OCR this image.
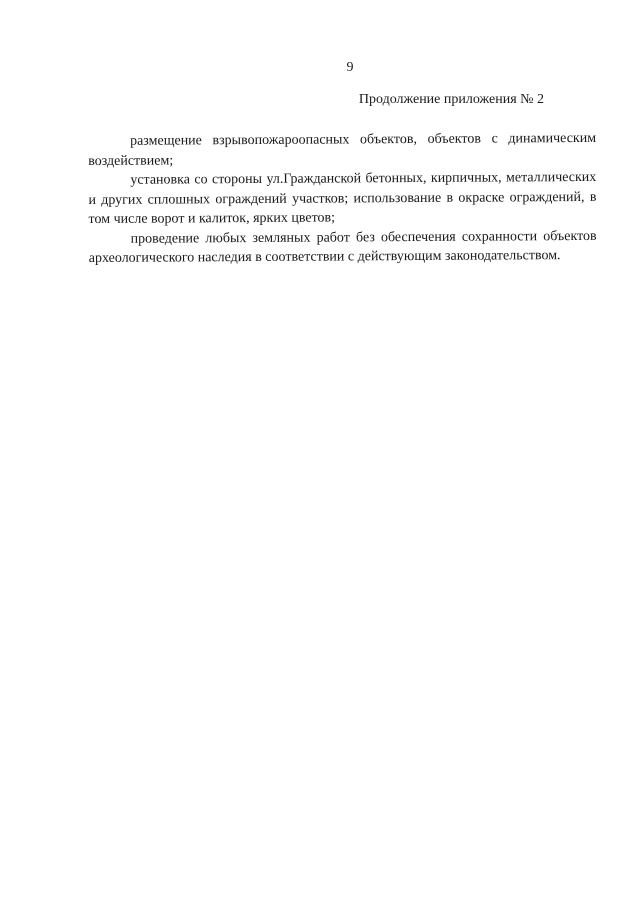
9
Продолжение приложения № 2

размещение взрывопожароопасных объектов, объектов с динамическим воздействием;

установка со стороны ул.Гражданской бетонных, кирпичных, металлических и других сплошных ограждений участков; использование в окраске ограждений, в том числе ворот и калиток, ярких цветов;

проведение любых земляных работ без обеспечения сохранности объектов археологического наследия в соответствии с действующим законодательством.
